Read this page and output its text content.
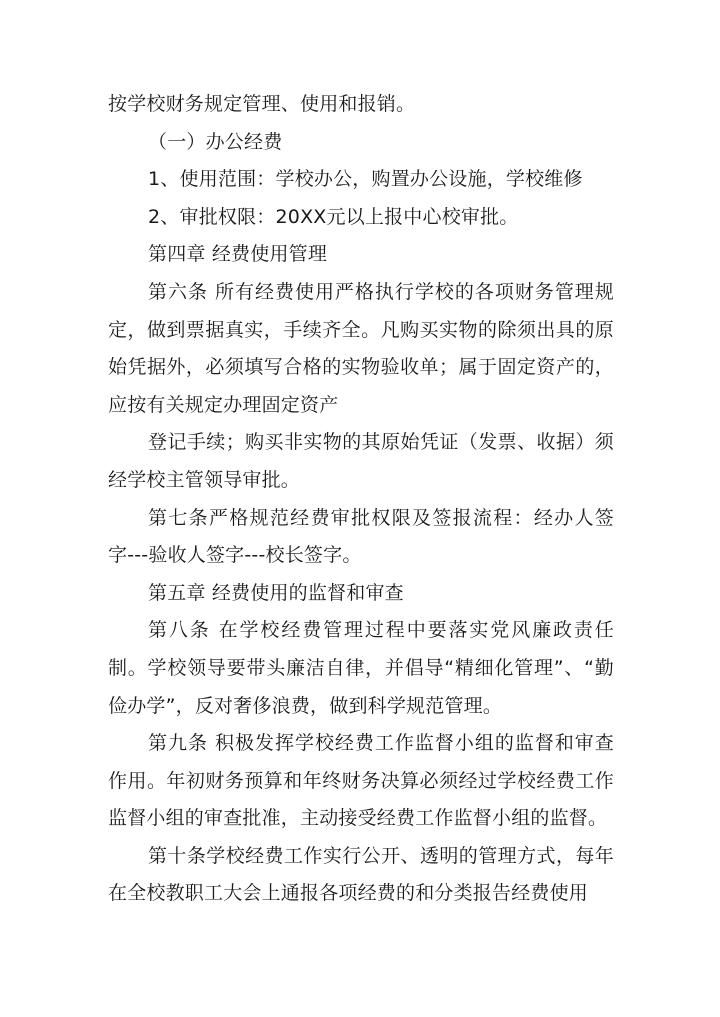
按学校财务规定管理、使用和报销。

（一）办公经费

1、使用范围：学校办公，购置办公设施，学校维修

2、审批权限：20XX元以上报中心校审批。

第四章 经费使用管理

第六条 所有经费使用严格执行学校的各项财务管理规定，做到票据真实，手续齐全。凡购买实物的除须出具的原始凭据外，必须填写合格的实物验收单；属于固定资产的，应按有关规定办理固定资产

登记手续；购买非实物的其原始凭证（发票、收据）须经学校主管领导审批。

第七条严格规范经费审批权限及签报流程：经办人签字---验收人签字---校长签字。

第五章 经费使用的监督和审查

第八条 在学校经费管理过程中要落实党风廉政责任制。学校领导要带头廉洁自律，并倡导“精细化管理”、“勤俭办学”，反对奢侈浪费，做到科学规范管理。

第九条 积极发挥学校经费工作监督小组的监督和审查作用。年初财务预算和年终财务决算必须经过学校经费工作监督小组的审查批准，主动接受经费工作监督小组的监督。

第十条学校经费工作实行公开、透明的管理方式，每年在全校教职工大会上通报各项经费的和分类报告经费使用
